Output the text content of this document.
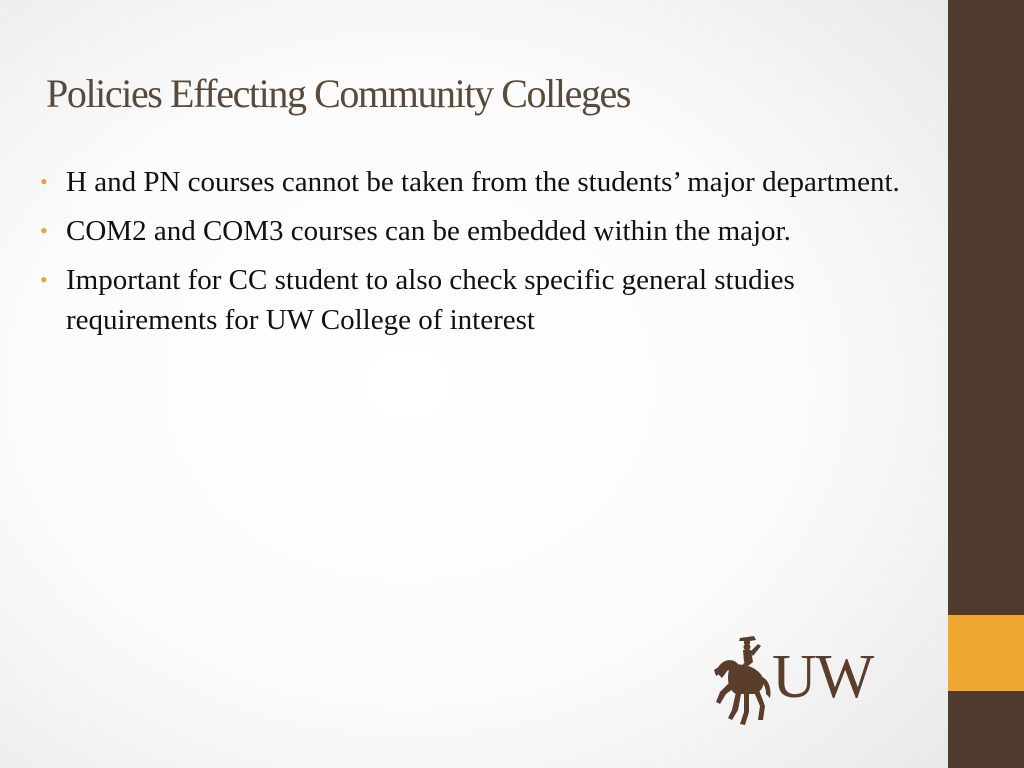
Policies Effecting Community Colleges
• H and PN courses cannot be taken from the students’ major department.
• COM2 and COM3 courses can be embedded within the major.
• Important for CC student to also check specific general studies requirements for UW College of interest
UW
